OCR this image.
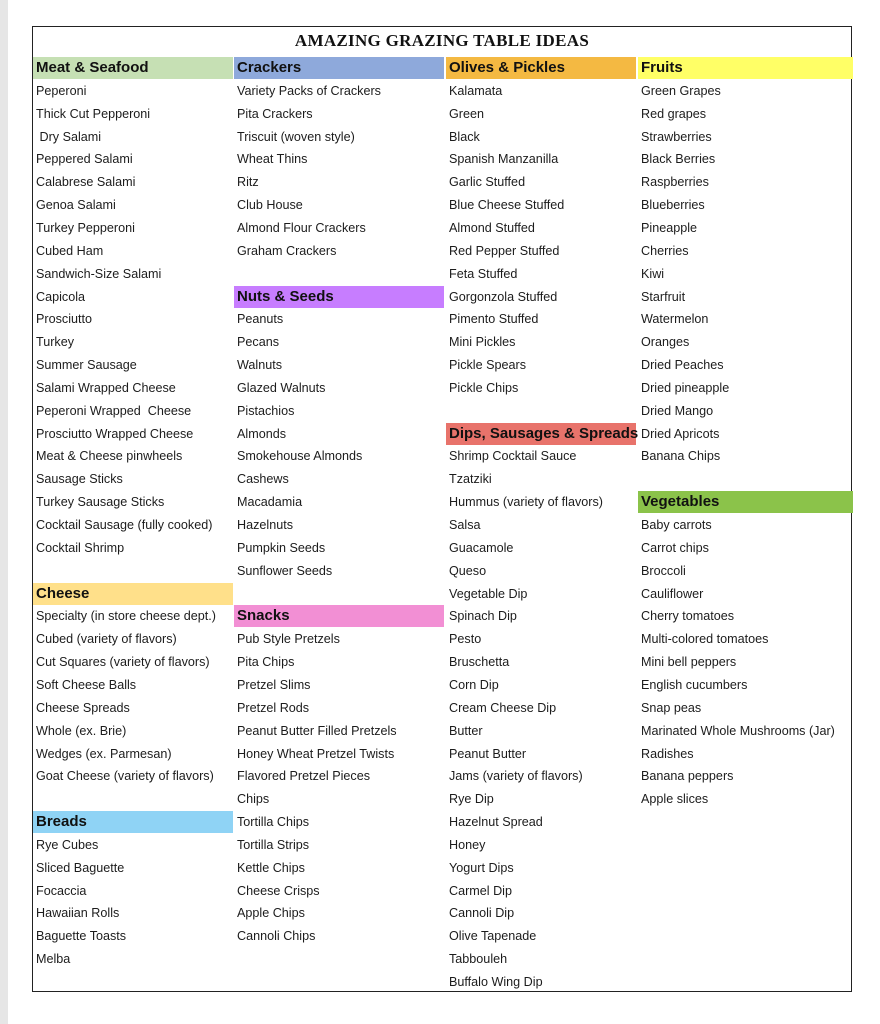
AMAZING GRAZING TABLE IDEAS
Meat & Seafood
Peperoni
Thick Cut Pepperoni
Dry Salami
Peppered Salami
Calabrese Salami
Genoa Salami
Turkey Pepperoni
Cubed Ham
Sandwich-Size Salami
Capicola
Prosciutto
Turkey
Summer Sausage
Salami Wrapped Cheese
Peperoni Wrapped  Cheese
Prosciutto Wrapped Cheese
Meat & Cheese pinwheels
Sausage Sticks
Turkey Sausage Sticks
Cocktail Sausage (fully cooked)
Cocktail Shrimp
Cheese
Specialty (in store cheese dept.)
Cubed (variety of flavors)
Cut Squares (variety of flavors)
Soft Cheese Balls
Cheese Spreads
Whole (ex. Brie)
Wedges (ex. Parmesan)
Goat Cheese (variety of flavors)
Breads
Rye Cubes
Sliced Baguette
Focaccia
Hawaiian Rolls
Baguette Toasts
Melba
Crackers
Variety Packs of Crackers
Pita Crackers
Triscuit (woven style)
Wheat Thins
Ritz
Club House
Almond Flour Crackers
Graham Crackers
Nuts & Seeds
Peanuts
Pecans
Walnuts
Glazed Walnuts
Pistachios
Almonds
Smokehouse Almonds
Cashews
Macadamia
Hazelnuts
Pumpkin Seeds
Sunflower Seeds
Snacks
Pub Style Pretzels
Pita Chips
Pretzel Slims
Pretzel Rods
Peanut Butter Filled Pretzels
Honey Wheat Pretzel Twists
Flavored Pretzel Pieces
Chips
Tortilla Chips
Tortilla Strips
Kettle Chips
Cheese Crisps
Apple Chips
Cannoli Chips
Olives & Pickles
Kalamata
Green
Black
Spanish Manzanilla
Garlic Stuffed
Blue Cheese Stuffed
Almond Stuffed
Red Pepper Stuffed
Feta Stuffed
Gorgonzola Stuffed
Pimento Stuffed
Mini Pickles
Pickle Spears
Pickle Chips
Dips, Sausages & Spreads
Shrimp Cocktail Sauce
Tzatziki
Hummus (variety of flavors)
Salsa
Guacamole
Queso
Vegetable Dip
Spinach Dip
Pesto
Bruschetta
Corn Dip
Cream Cheese Dip
Butter
Peanut Butter
Jams (variety of flavors)
Rye Dip
Hazelnut Spread
Honey
Yogurt Dips
Carmel Dip
Cannoli Dip
Olive Tapenade
Tabbouleh
Buffalo Wing Dip
Fruits
Green Grapes
Red grapes
Strawberries
Black Berries
Raspberries
Blueberries
Pineapple
Cherries
Kiwi
Starfruit
Watermelon
Oranges
Dried Peaches
Dried pineapple
Dried Mango
Dried Apricots
Banana Chips
Vegetables
Baby carrots
Carrot chips
Broccoli
Cauliflower
Cherry tomatoes
Multi-colored tomatoes
Mini bell peppers
English cucumbers
Snap peas
Marinated Whole Mushrooms (Jar)
Radishes
Banana peppers
Apple slices
